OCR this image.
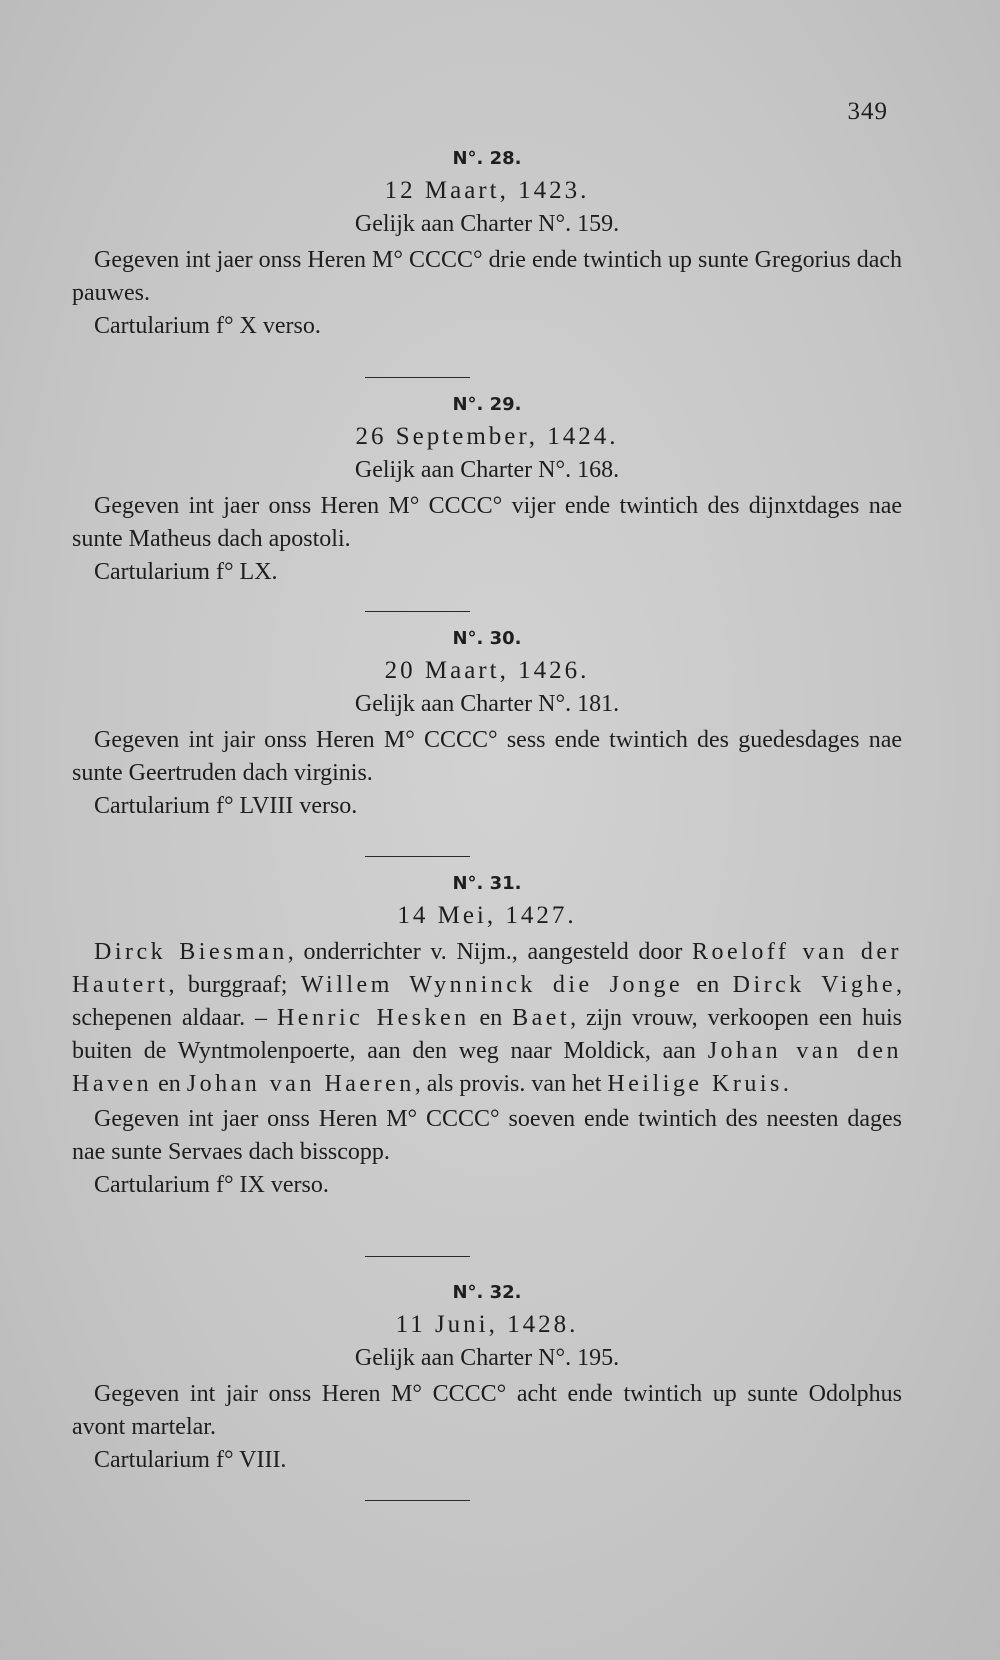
349
N°. 28.
12 Maart, 1423.
Gelijk aan Charter N°. 159.

Gegeven int jaer onss Heren M° CCCC° drie ende twintich up sunte Gregorius dach pauwes.

Cartularium f° X verso.

N°. 29.
26 September, 1424.
Gelijk aan Charter N°. 168.

Gegeven int jaer onss Heren M° CCCC° vijer ende twintich des dijnxtdages nae sunte Matheus dach apostoli.

Cartularium f° LX.

N°. 30.
20 Maart, 1426.
Gelijk aan Charter N°. 181.

Gegeven int jair onss Heren M° CCCC° sess ende twintich des guedesdages nae sunte Geertruden dach virginis.

Cartularium f° LVIII verso.

N°. 31.
14 Mei, 1427.

Dirck Biesman, onderrichter v. Nijm., aangesteld door Roeloff van der Hautert, burggraaf; Willem Wynninck die Jonge en Dirck Vighe, schepenen aldaar. – Henric Hesken en Baet, zijn vrouw, verkoopen een huis buiten de Wyntmolenpoerte, aan den weg naar Moldick, aan Johan van den Haven en Johan van Haeren, als provis. van het Heilige Kruis.

Gegeven int jaer onss Heren M° CCCC° soeven ende twintich des neesten dages nae sunte Servaes dach bisscopp.

Cartularium f° IX verso.

N°. 32.
11 Juni, 1428.
Gelijk aan Charter N°. 195.

Gegeven int jair onss Heren M° CCCC° acht ende twintich up sunte Odolphus avont martelar.

Cartularium f° VIII.
